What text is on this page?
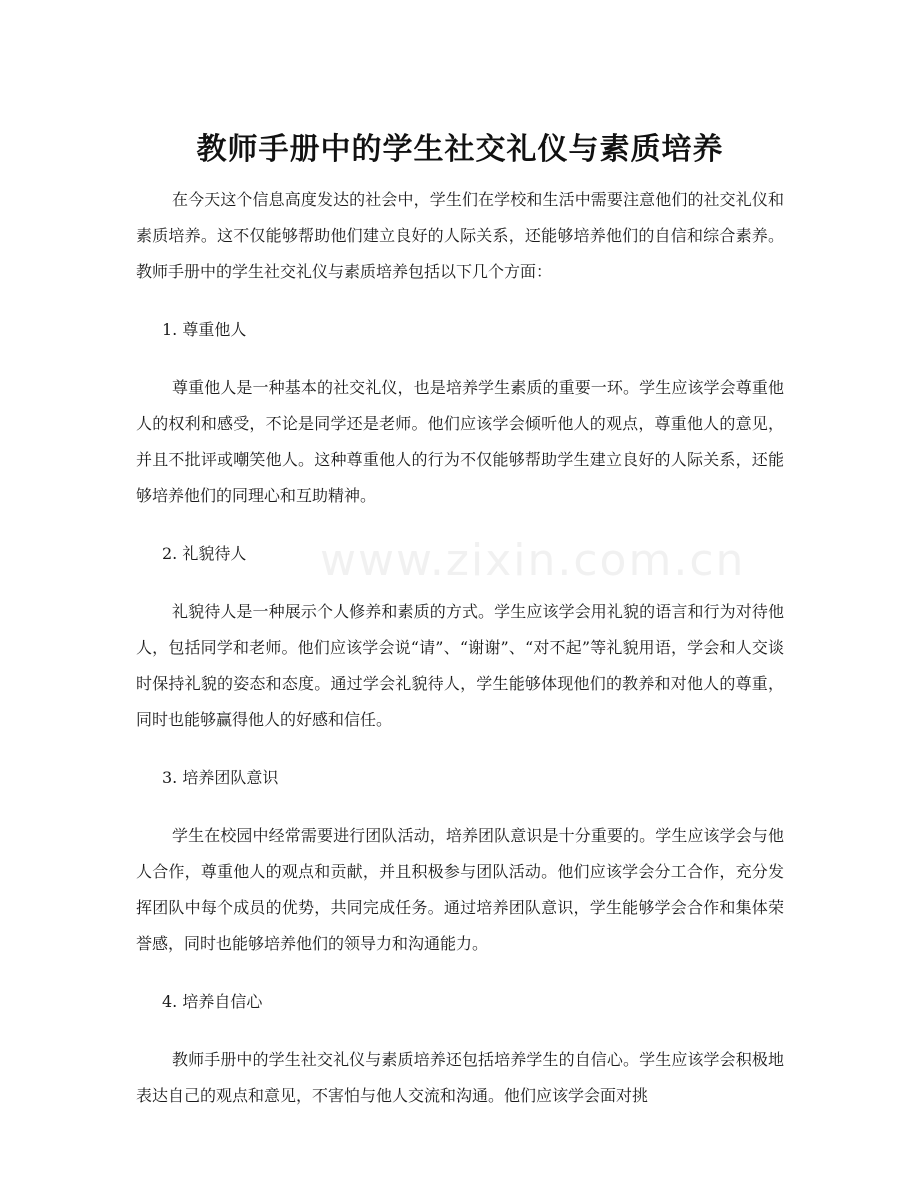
www.zixin.com.cn
教师手册中的学生社交礼仪与素质培养

在今天这个信息高度发达的社会中，学生们在学校和生活中需要注意他们的社交礼仪和素质培养。这不仅能够帮助他们建立良好的人际关系，还能够培养他们的自信和综合素养。教师手册中的学生社交礼仪与素质培养包括以下几个方面：

1. 尊重他人

尊重他人是一种基本的社交礼仪，也是培养学生素质的重要一环。学生应该学会尊重他人的权利和感受，不论是同学还是老师。他们应该学会倾听他人的观点，尊重他人的意见，并且不批评或嘲笑他人。这种尊重他人的行为不仅能够帮助学生建立良好的人际关系，还能够培养他们的同理心和互助精神。

2. 礼貌待人

礼貌待人是一种展示个人修养和素质的方式。学生应该学会用礼貌的语言和行为对待他人，包括同学和老师。他们应该学会说“请”、“谢谢”、“对不起”等礼貌用语，学会和人交谈时保持礼貌的姿态和态度。通过学会礼貌待人，学生能够体现他们的教养和对他人的尊重，同时也能够赢得他人的好感和信任。

3. 培养团队意识

学生在校园中经常需要进行团队活动，培养团队意识是十分重要的。学生应该学会与他人合作，尊重他人的观点和贡献，并且积极参与团队活动。他们应该学会分工合作，充分发挥团队中每个成员的优势，共同完成任务。通过培养团队意识，学生能够学会合作和集体荣誉感，同时也能够培养他们的领导力和沟通能力。

4. 培养自信心

教师手册中的学生社交礼仪与素质培养还包括培养学生的自信心。学生应该学会积极地表达自己的观点和意见，不害怕与他人交流和沟通。他们应该学会面对挑
